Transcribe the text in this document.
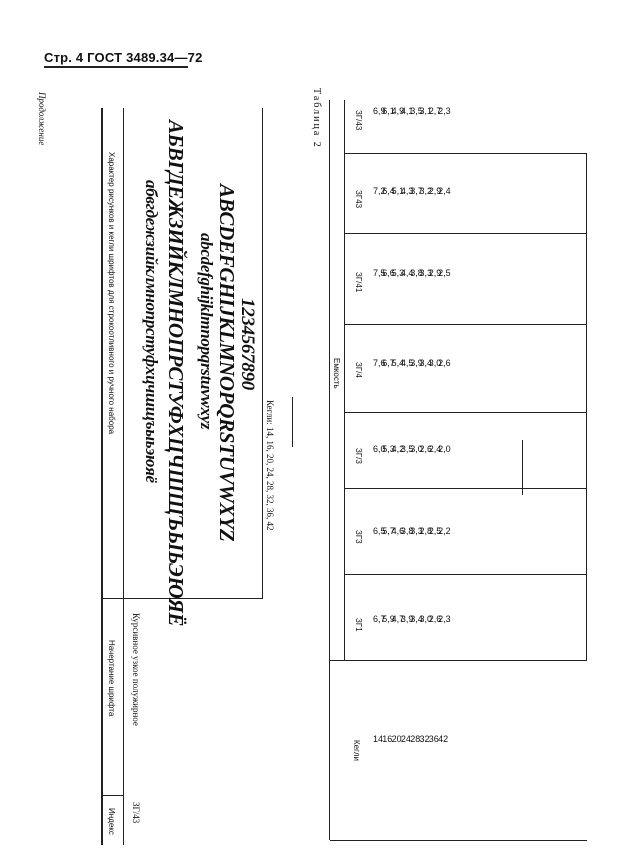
Стр. 4 ГОСТ 3489.34—72
Продолжение
Индекс
Начертание шрифта
Характер рисунков и кегли шрифтов для строкоотливного и ручного набора
ЗГ/43
Курсивное узкое полужирное
абвгдежзийклмнопрстуфхцчшщъыьэюяё АБВГДЕЖЗИЙКЛМНОПРСТУФХЦЧШЩЪЫЬЭЮЯЁ abcdefghijklmnopqrstuvwxyz ABCDEFGHIJKLMNOPQRSTUVWXYZ
1234567890
Кегли: 14, 16, 20, 24, 28, 32, 36, 42
Таблица 2
Кегли
Емкость
ЗГ1
ЗГ3
ЗГ/3
ЗГ/4
ЗГ/41
ЗГ43
ЗГ/43
14 16 20 24 28 32 36 42
6,7
5,9
4,7
3,9
3,4
3,0
2,6
2,3
6,5
5,7
4,6
3,8
3,3
2,8
2,5
2,2
6,0
5,3
4,2
3,5
3,0
2,6
2,4
2,0
7,6
6,7
5,4
4,5
3,9
3,4
3,0
2,6
7,5
6,6
5,3
4,4
3,8
3,3
2,9
2,5
7,2
6,4
5,1
4,3
3,7
3,2
2,9
2,4
6,9
6,1
4,9
4,1
3,5
3,1
2,7
2,3
